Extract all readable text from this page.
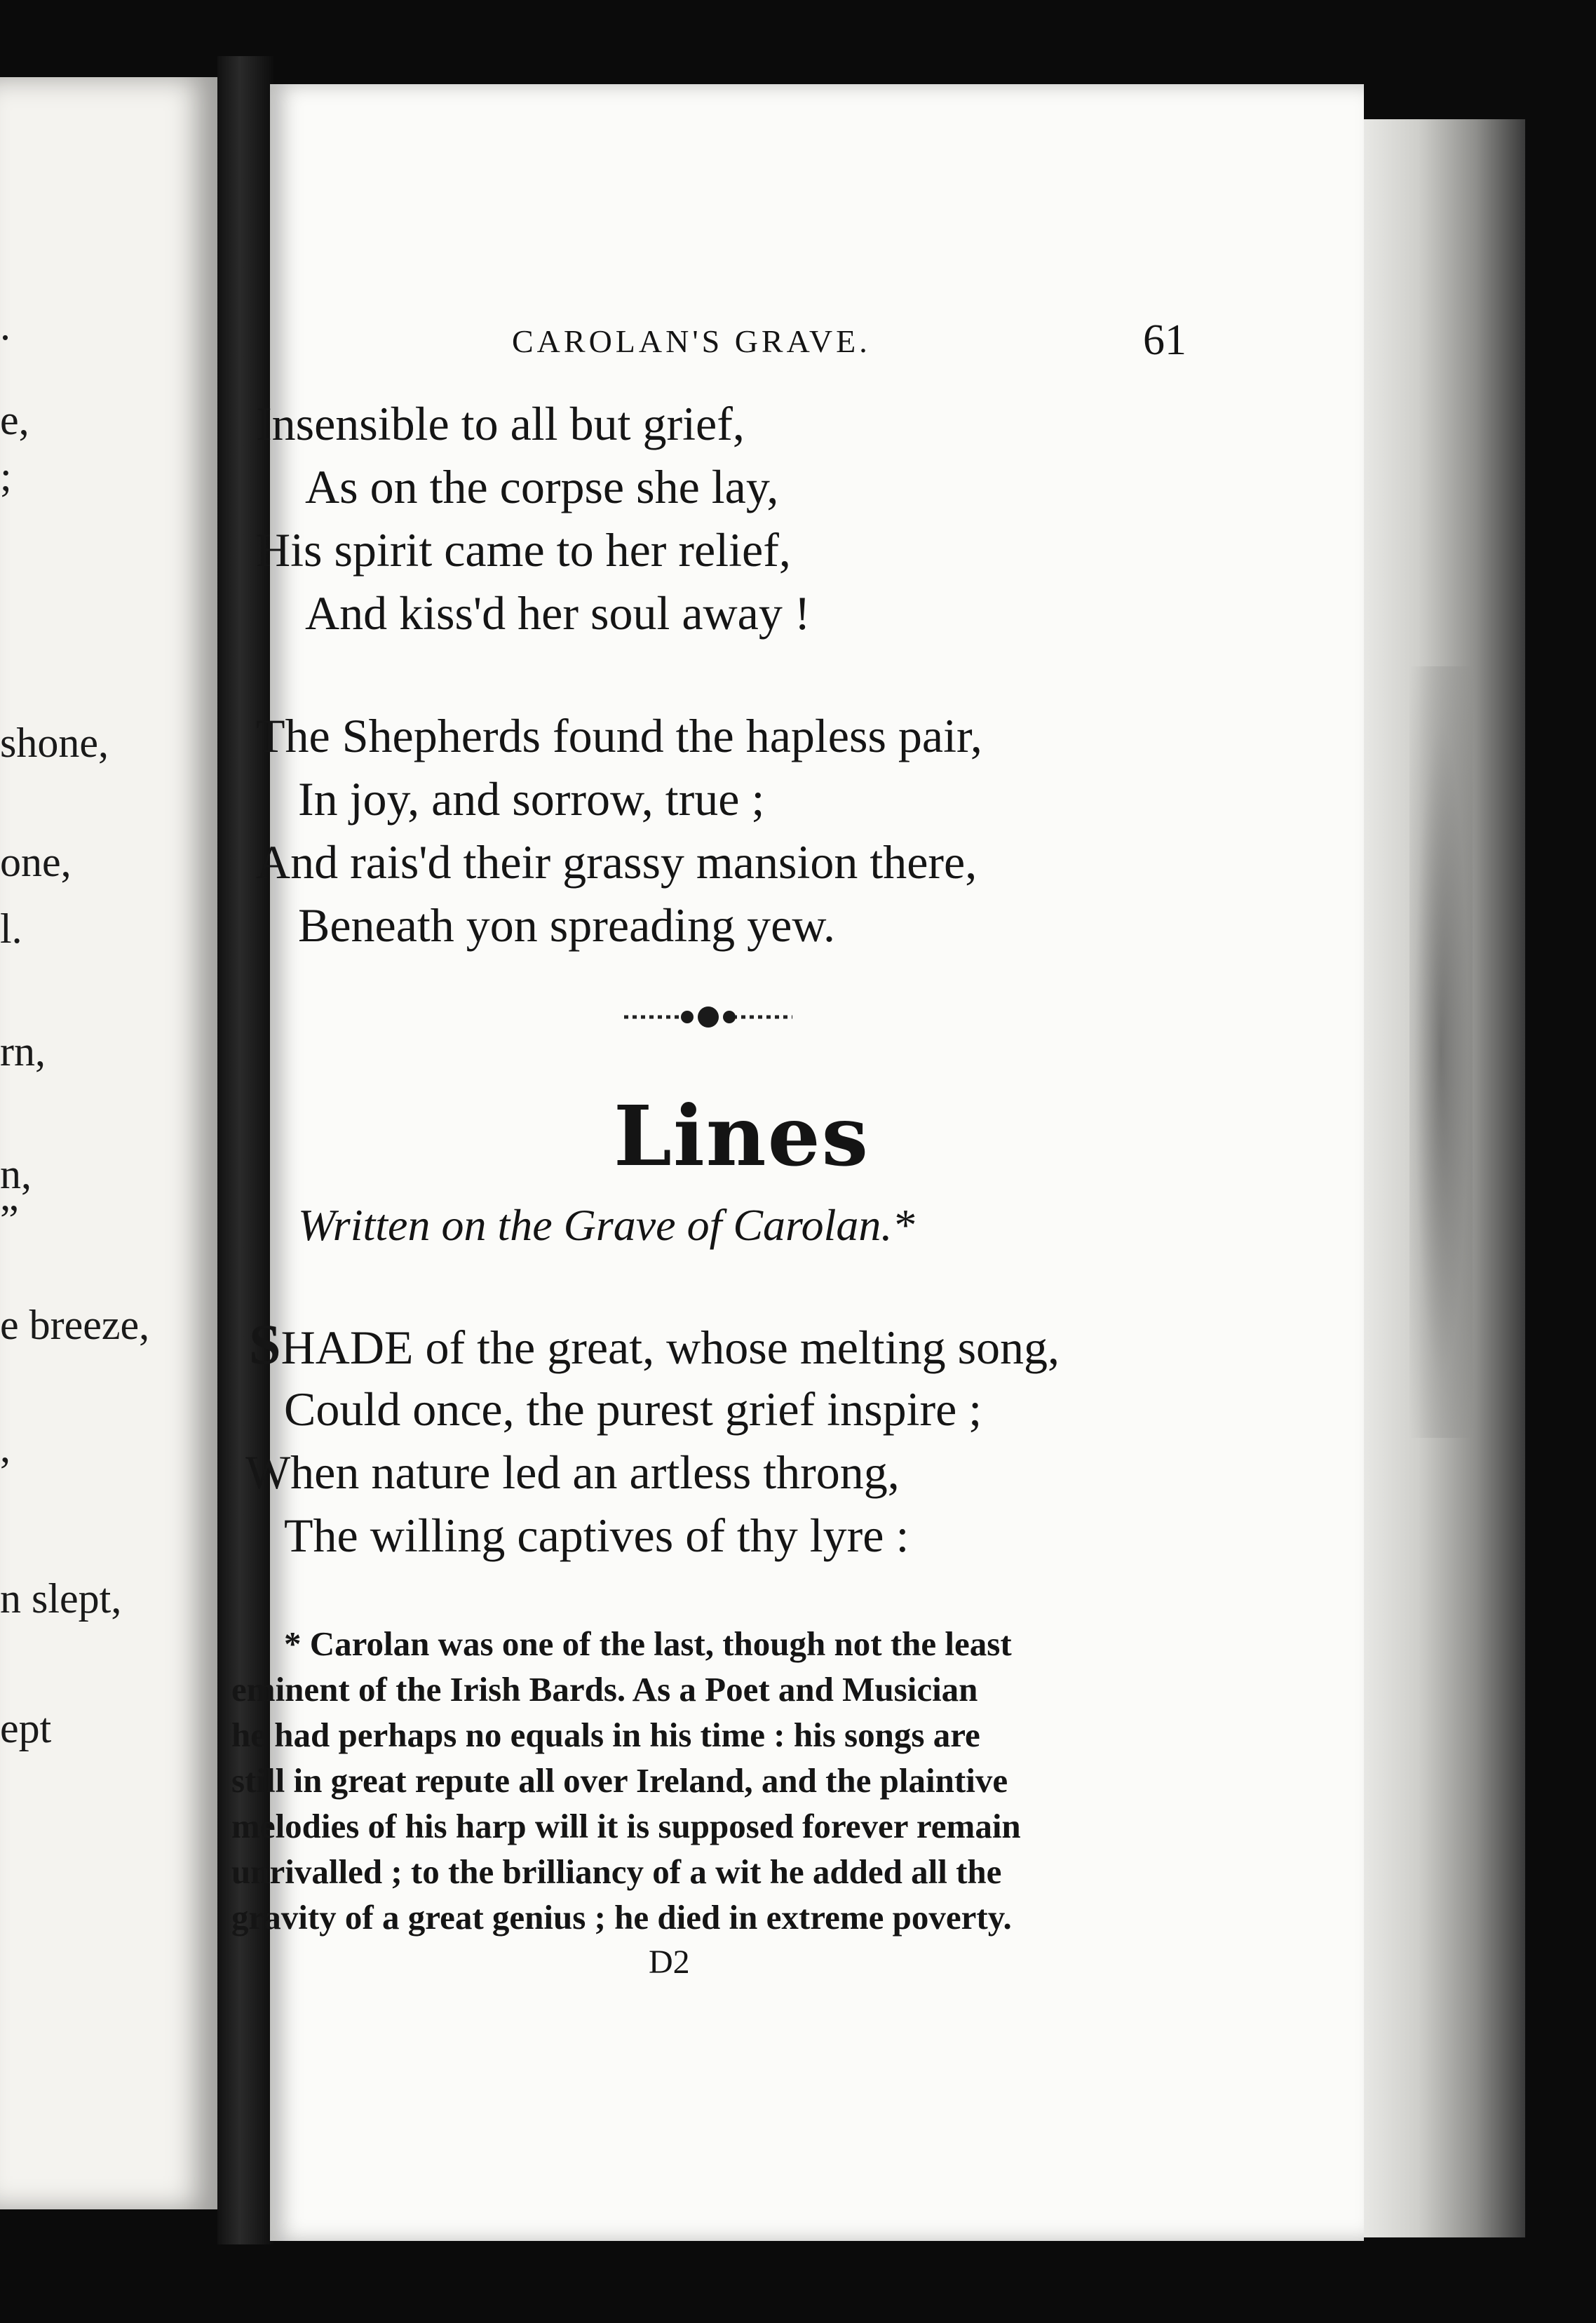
.
e,
;
shone,
one,
l.
rn,
n,
”
e breeze,
,
n slept,
ept
CAROLAN'S GRAVE.	61
Insensible to all but grief,
As on the corpse she lay,
His spirit came to her relief,
And kiss'd her soul away !
The Shepherds found the hapless pair,
In joy, and sorrow, true ;
And rais'd their grassy mansion there,
Beneath yon spreading yew.
Lines
Written on the Grave of Carolan.*
SHADE of the great, whose melting song,
Could once, the purest grief inspire ;
When nature led an artless throng,
The willing captives of thy lyre :
* Carolan was one of the last, though not the least
eminent of the Irish Bards. As a Poet and Musician
he had perhaps no equals in his time : his songs are
still in great repute all over Ireland, and the plaintive
melodies of his harp will it is supposed forever remain
unrivalled ; to the brilliancy of a wit he added all the
gravity of a great genius ; he died in extreme poverty.
D2
